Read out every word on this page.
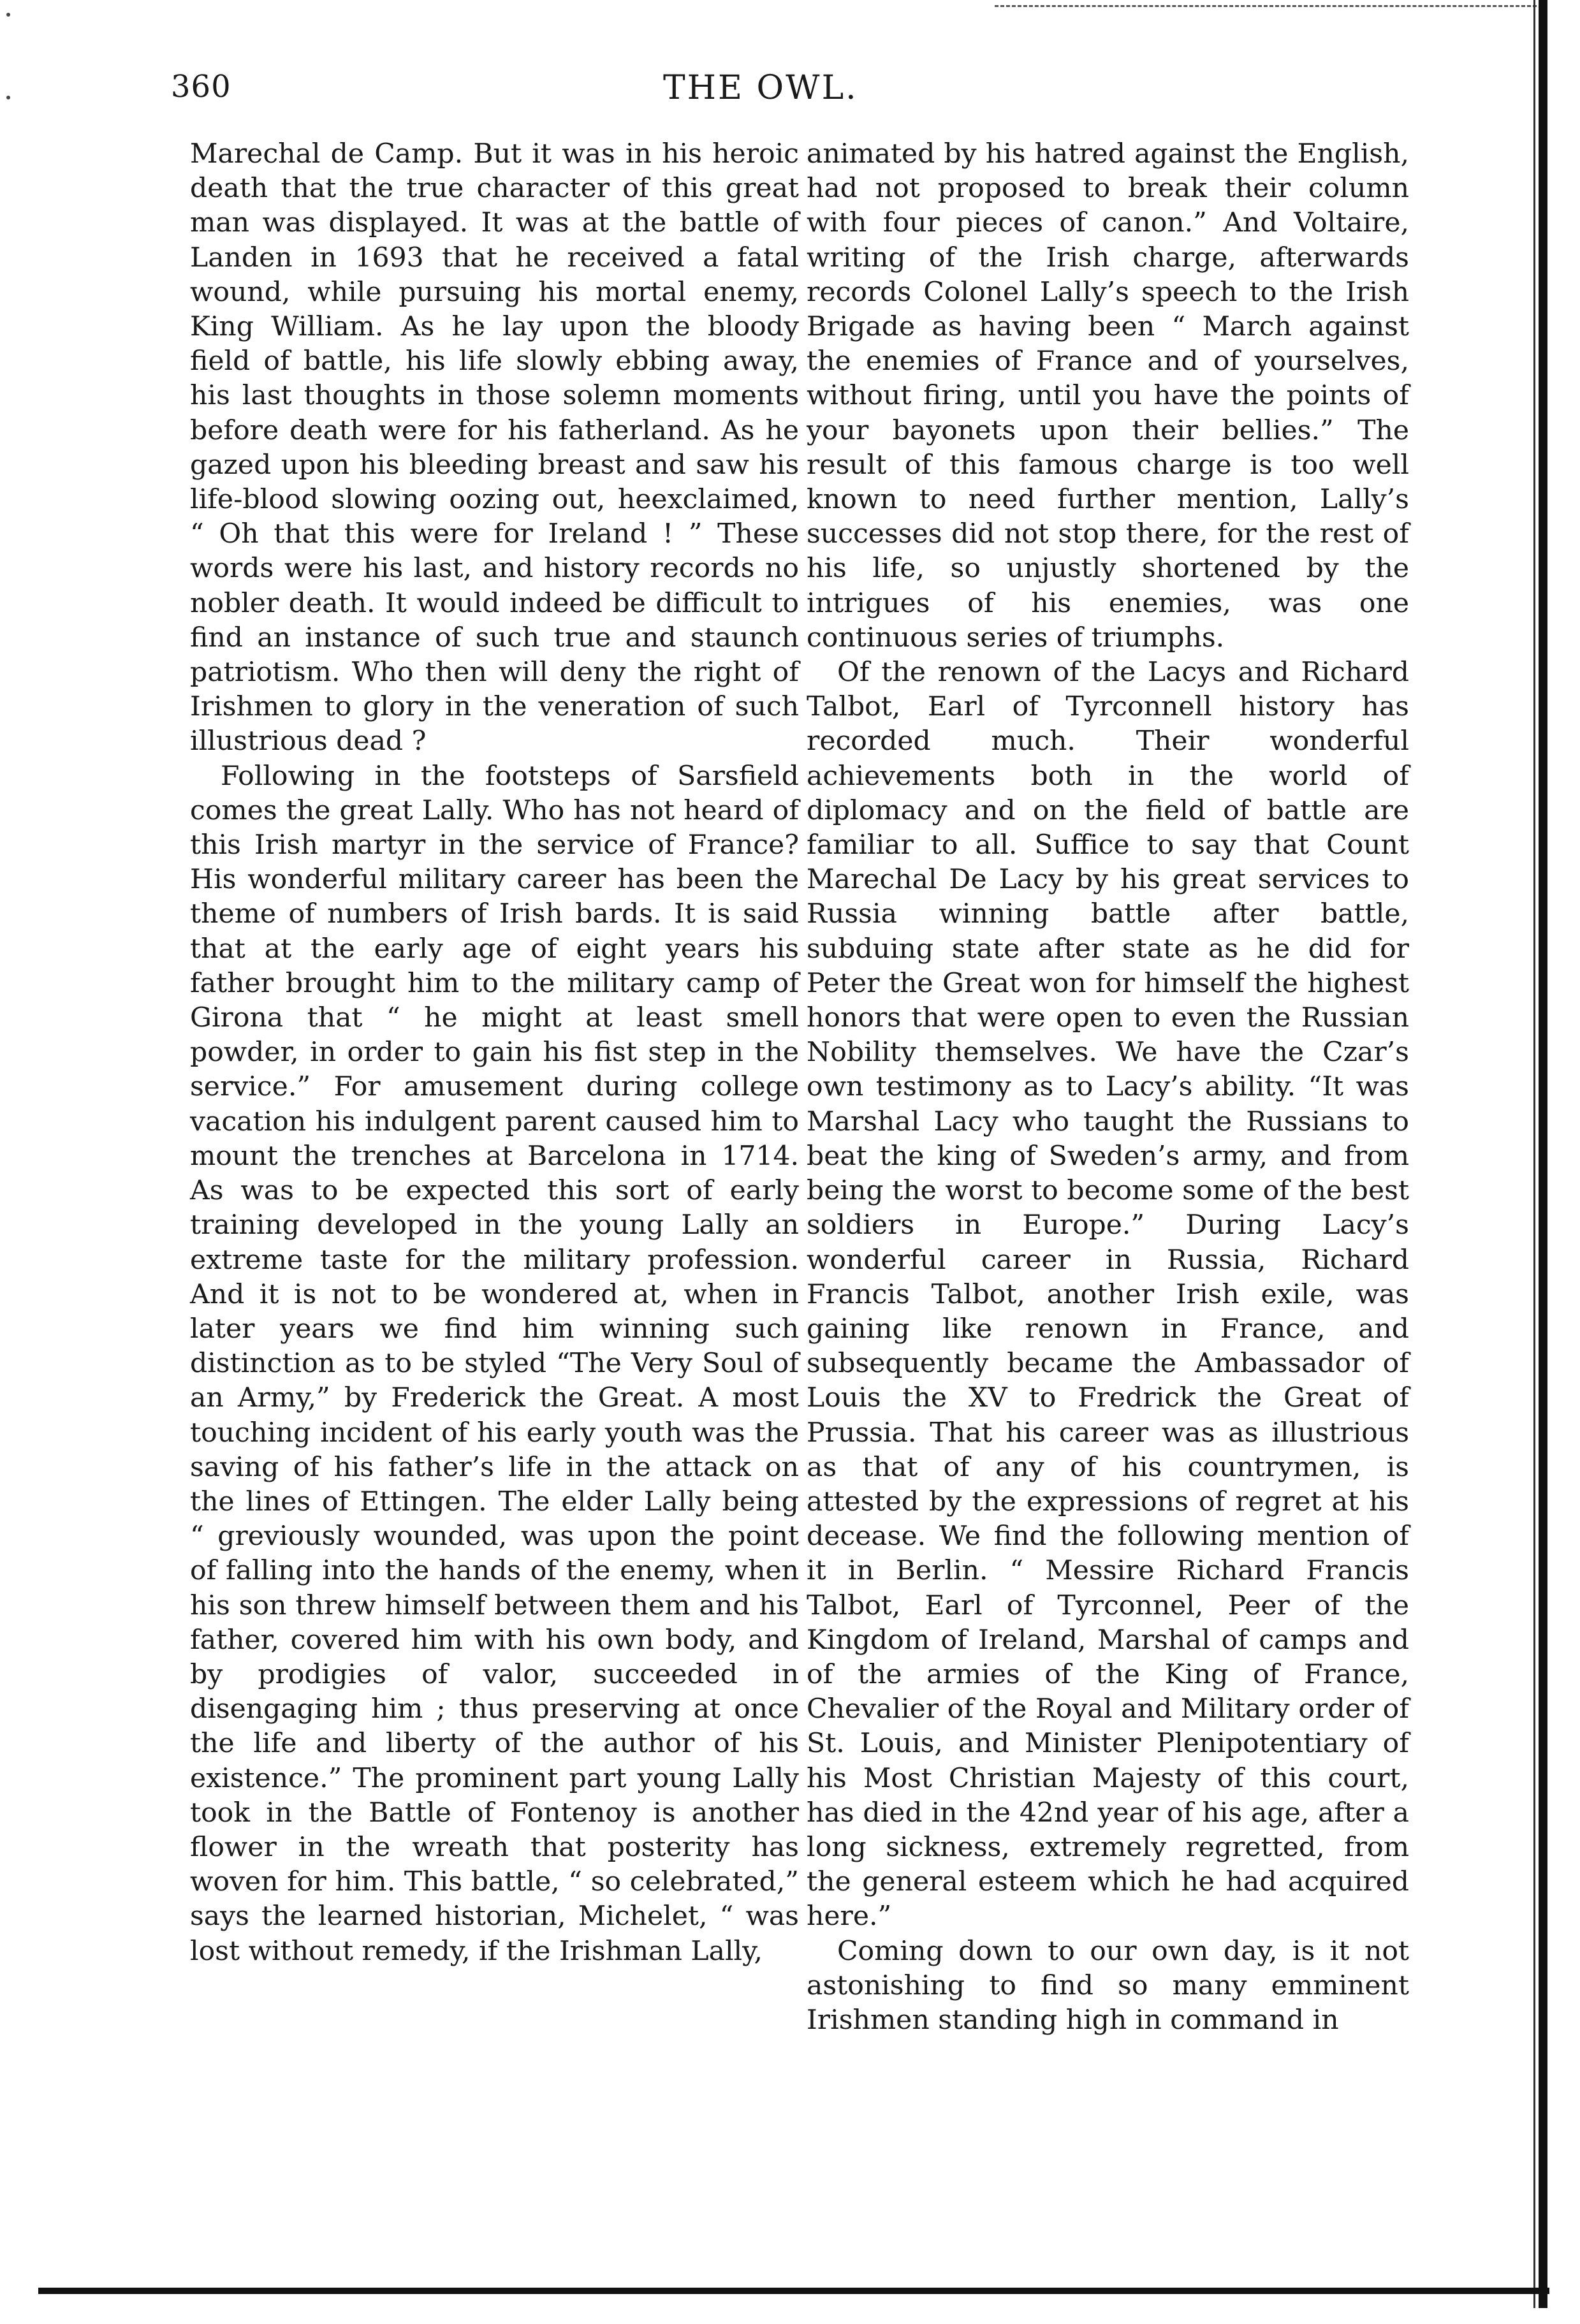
360	THE OWL.

Marechal de Camp. But it was in his heroic death that the true character of this great man was displayed. It was at the battle of Landen in 1693 that he received a fatal wound, while pursuing his mortal enemy, King William. As he lay upon the bloody field of battle, his life slowly ebbing away, his last thoughts in those solemn moments before death were for his fatherland. As he gazed upon his bleeding breast and saw his life-blood slowing oozing out, heexclaimed, “ Oh that this were for Ireland ! ” These words were his last, and history records no nobler death. It would indeed be difficult to find an instance of such true and staunch patriotism. Who then will deny the right of Irishmen to glory in the veneration of such illustrious dead ?

Following in the footsteps of Sarsfield comes the great Lally. Who has not heard of this Irish martyr in the service of France? His wonderful military career has been the theme of numbers of Irish bards. It is said that at the early age of eight years his father brought him to the military camp of Girona that “ he might at least smell powder, in order to gain his fist step in the service.” For amusement during college vacation his indulgent parent caused him to mount the trenches at Barcelona in 1714. As was to be expected this sort of early training developed in the young Lally an extreme taste for the military profession. And it is not to be wondered at, when in later years we find him winning such distinction as to be styled “The Very Soul of an Army,” by Frederick the Great. A most touching incident of his early youth was the saving of his father’s life in the attack on the lines of Ettingen. The elder Lally being “ greviously wounded, was upon the point of falling into the hands of the enemy, when his son threw himself between them and his father, covered him with his own body, and by prodigies of valor, succeeded in disengaging him ; thus preserving at once the life and liberty of the author of his existence.” The prominent part young Lally took in the Battle of Fontenoy is another flower in the wreath that posterity has woven for him. This battle, “ so celebrated,” says the learned historian, Michelet, “ was lost without remedy, if the Irishman Lally,

animated by his hatred against the English, had not proposed to break their column with four pieces of canon.” And Voltaire, writing of the Irish charge, afterwards records Colonel Lally’s speech to the Irish Brigade as having been “ March against the enemies of France and of yourselves, without firing, until you have the points of your bayonets upon their bellies.” The result of this famous charge is too well known to need further mention, Lally’s successes did not stop there, for the rest of his life, so unjustly shortened by the intrigues of his enemies, was one continuous series of triumphs.

Of the renown of the Lacys and Richard Talbot, Earl of Tyrconnell history has recorded much. Their wonderful achievements both in the world of diplomacy and on the field of battle are familiar to all. Suffice to say that Count Marechal De Lacy by his great services to Russia winning battle after battle, subduing state after state as he did for Peter the Great won for himself the highest honors that were open to even the Russian Nobility themselves. We have the Czar’s own testimony as to Lacy’s ability. “It was Marshal Lacy who taught the Russians to beat the king of Sweden’s army, and from being the worst to become some of the best soldiers in Europe.” During Lacy’s wonderful career in Russia, Richard Francis Talbot, another Irish exile, was gaining like renown in France, and subsequently became the Ambassador of Louis the XV to Fredrick the Great of Prussia. That his career was as illustrious as that of any of his countrymen, is attested by the expressions of regret at his decease. We find the following mention of it in Berlin. “ Messire Richard Francis Talbot, Earl of Tyrconnel, Peer of the Kingdom of Ireland, Marshal of camps and of the armies of the King of France, Chevalier of the Royal and Military order of St. Louis, and Minister Plenipotentiary of his Most Christian Majesty of this court, has died in the 42nd year of his age, after a long sickness, extremely regretted, from the general esteem which he had acquired here.”

Coming down to our own day, is it not astonishing to find so many emminent Irishmen standing high in command in
